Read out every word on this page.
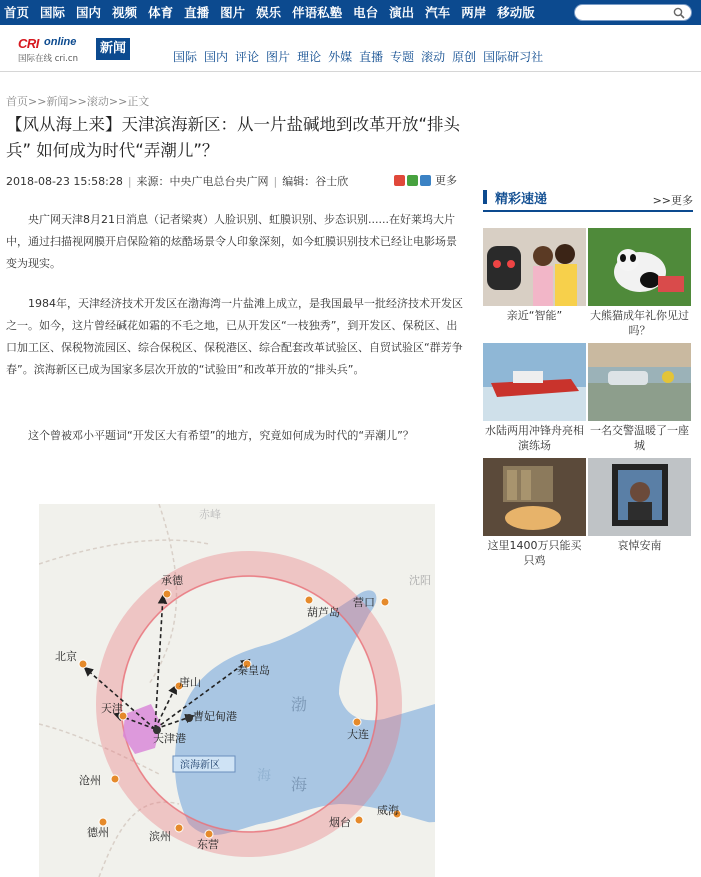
首页 国际 国内 视频 体育 直播 图片 娱乐 伴语私塾 电台 演出 汽车 两岸 移动版
CRI online
国际在线 cri.cn
新闻
国际 国内 评论 图片 理论 外媒 直播 专题 滚动 原创 国际研习社
首页>>新闻>>滚动>>正文
【风从海上来】天津滨海新区：从一片盐碱地到改革开放“排头兵” 如何成为时代“弄潮儿”？
2018-08-23 15:58:28 | 来源：中央广电总台央广网 | 编辑：谷士欣	更多

央广网天津8月21日消息（记者梁爽）人脸识别、虹膜识别、步态识别......在好莱坞大片中，通过扫描视网膜开启保险箱的炫酷场景令人印象深刻，如今虹膜识别技术已经让电影场景变为现实。

1984年，天津经济技术开发区在渤海湾一片盐滩上成立，是我国最早一批经济技术开发区之一。如今，这片曾经碱花如霜的不毛之地，已从开发区“一枝独秀”，到开发区、保税区、出口加工区、保税物流园区、综合保税区、保税港区、综合配套改革试验区、自贸试验区“群芳争春”。滨海新区已成为国家多层次开放的“试验田”和改革开放的“排头兵”。

这个曾被邓小平题词“开发区大有希望”的地方，究竟如何成为时代的“弄潮儿”？

沈阳
赤峰
承德
葫芦岛
营口
北京
秦皇岛
唐山
曹妃甸港
天津
天津港	大连
沧州
德州	滨州
东营
烟台
威海
渤
海
海
滨海新区
精彩速递	>>更多
亲近“智能”	大熊猫成年礼你见过吗？
水陆两用冲锋舟亮相演练场
一名交警温暖了一座城
这里1400万只能买只鸡
哀悼安南
